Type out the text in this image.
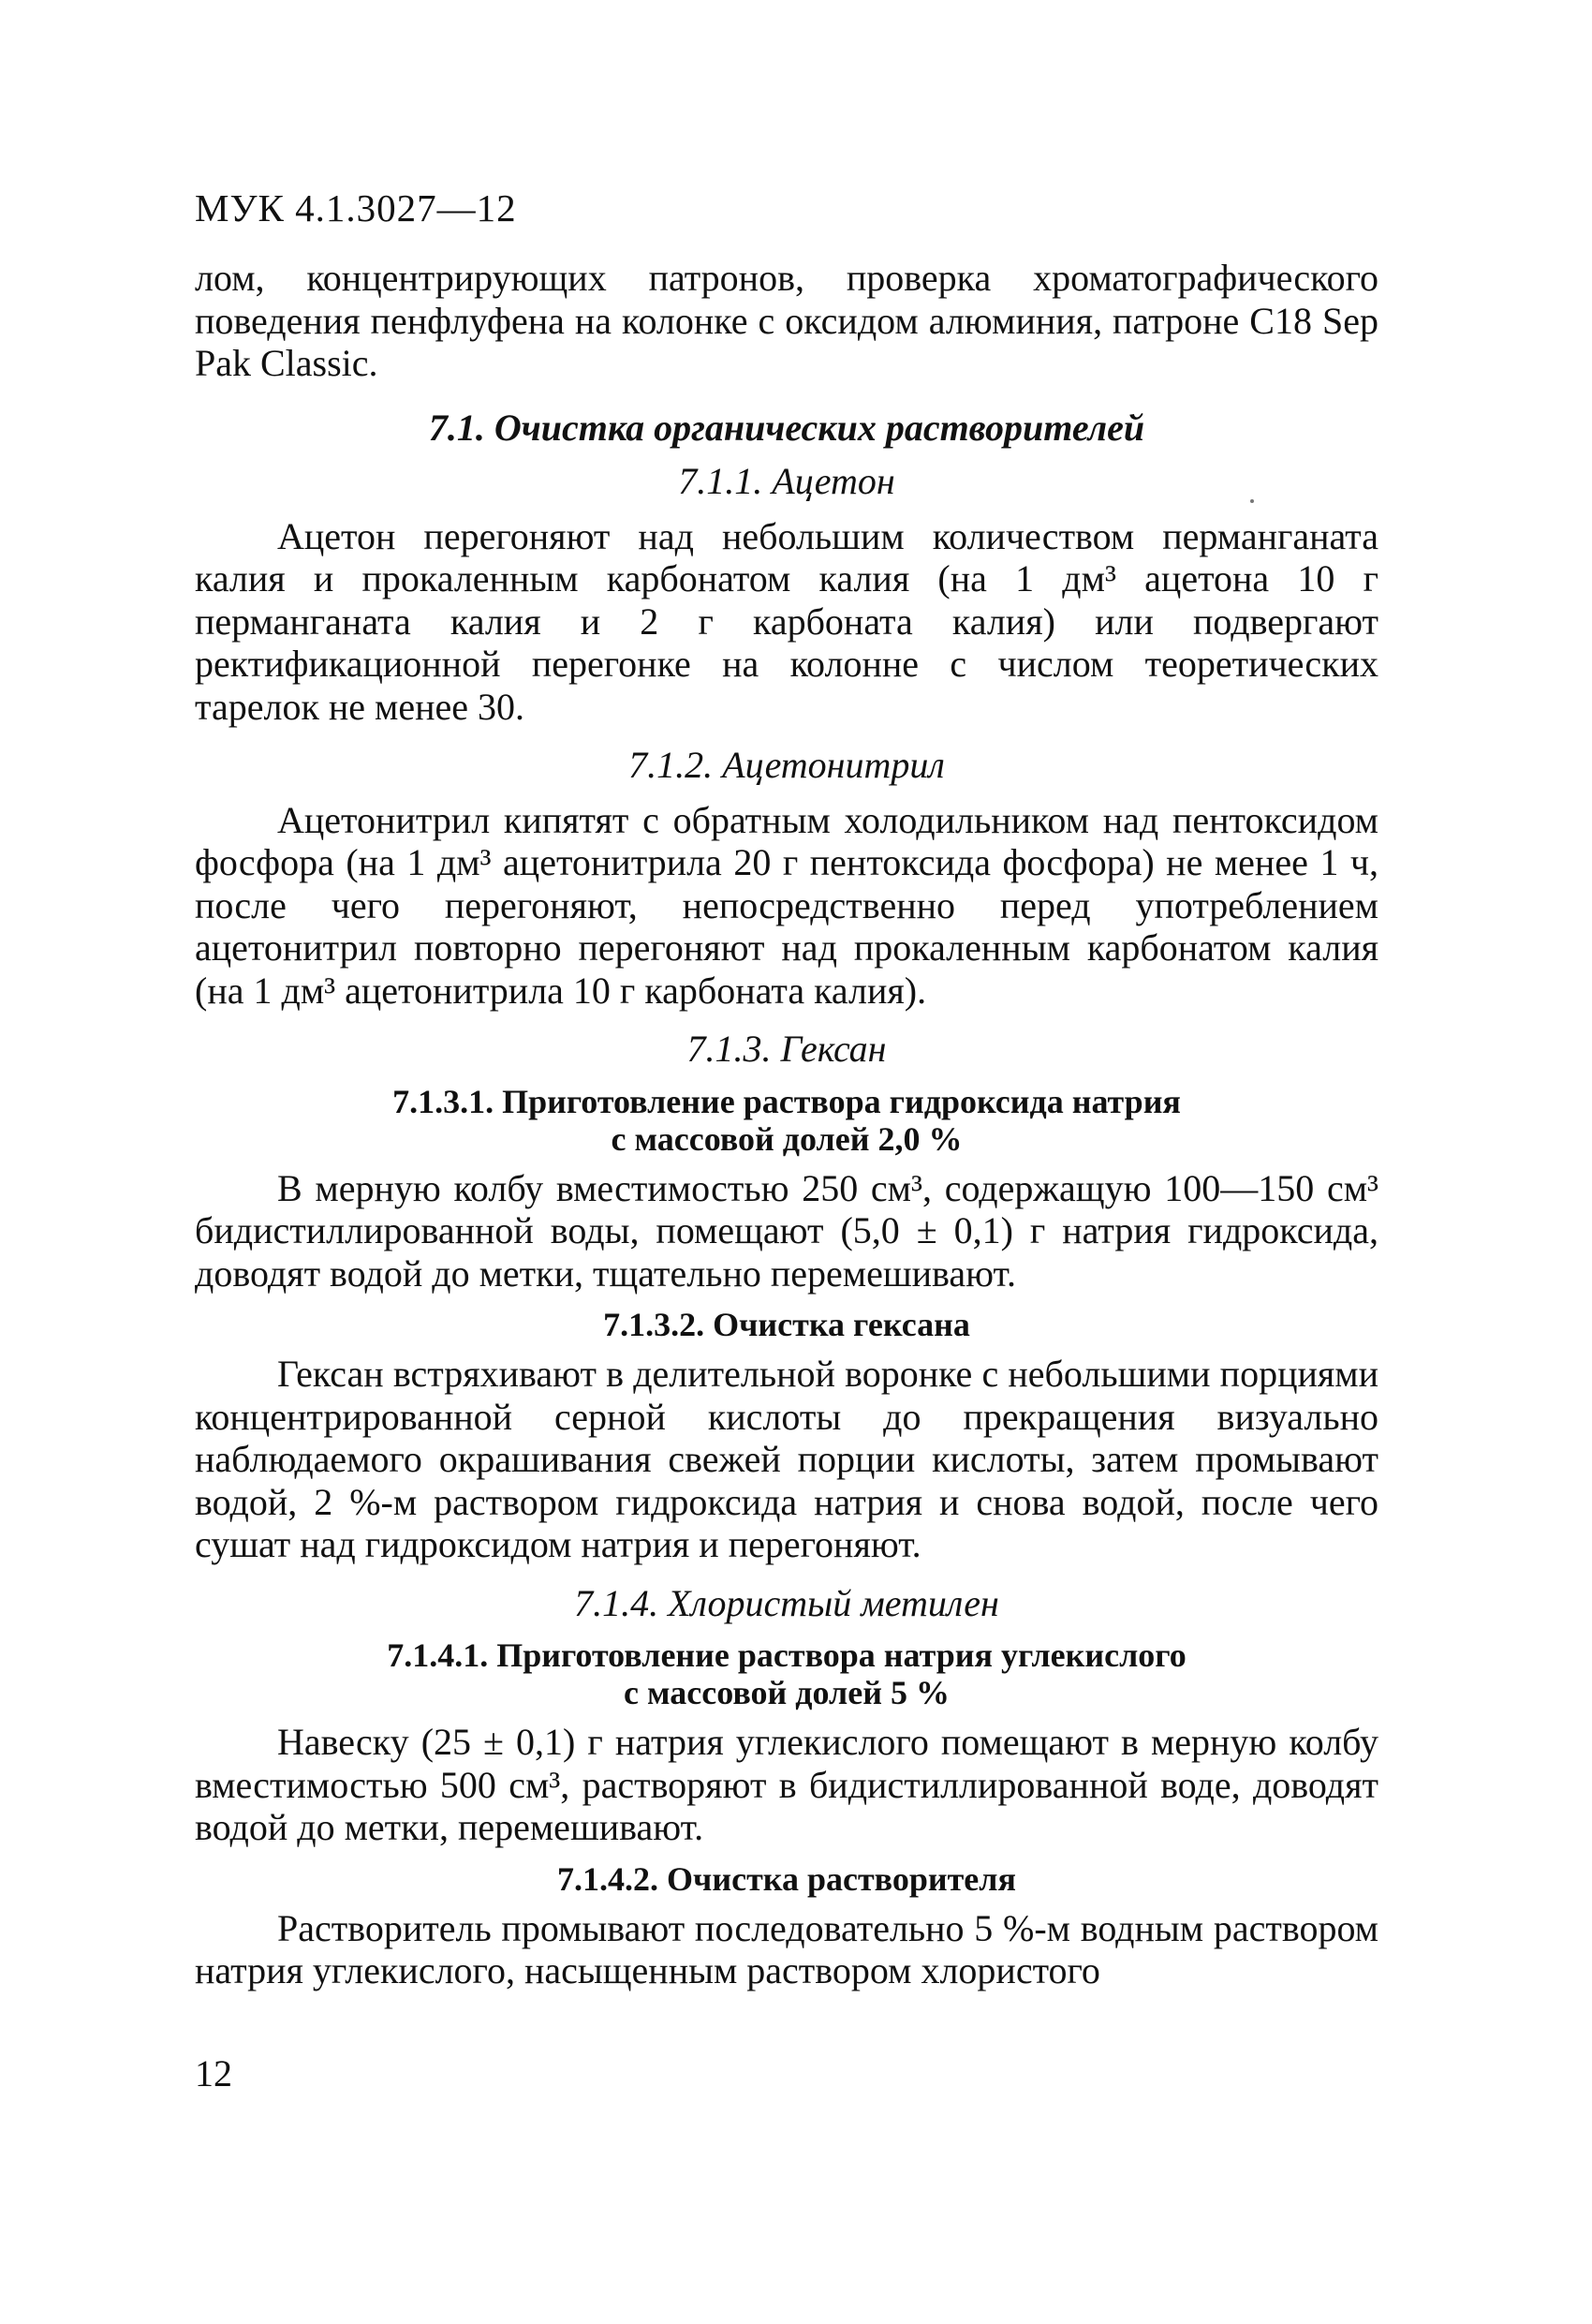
МУК 4.1.3027—12

лом, концентрирующих патронов, проверка хроматографического поведения пенфлуфена на колонке с оксидом алюминия, патроне С18 Sep Pak Classic.

7.1. Очистка органических растворителей

7.1.1. Ацетон

Ацетон перегоняют над небольшим количеством перманганата калия и прокаленным карбонатом калия (на 1 дм³ ацетона 10 г перманганата калия и 2 г карбоната калия) или подвергают ректификационной перегонке на колонне с числом теоретических тарелок не менее 30.

7.1.2. Ацетонитрил

Ацетонитрил кипятят с обратным холодильником над пентоксидом фосфора (на 1 дм³ ацетонитрила 20 г пентоксида фосфора) не менее 1 ч, после чего перегоняют, непосредственно перед употреблением ацетонитрил повторно перегоняют над прокаленным карбонатом калия (на 1 дм³ ацетонитрила 10 г карбоната калия).

7.1.3. Гексан

7.1.3.1. Приготовление раствора гидроксида натрия
с массовой долей 2,0 %

В мерную колбу вместимостью 250 см³, содержащую 100—150 см³ бидистиллированной воды, помещают (5,0 ± 0,1) г натрия гидроксида, доводят водой до метки, тщательно перемешивают.

7.1.3.2. Очистка гексана

Гексан встряхивают в делительной воронке с небольшими порциями концентрированной серной кислоты до прекращения визуально наблюдаемого окрашивания свежей порции кислоты, затем промывают водой, 2 %-м раствором гидроксида натрия и снова водой, после чего сушат над гидроксидом натрия и перегоняют.

7.1.4. Хлористый метилен

7.1.4.1. Приготовление раствора натрия углекислого
с массовой долей 5 %

Навеску (25 ± 0,1) г натрия углекислого помещают в мерную колбу вместимостью 500 см³, растворяют в бидистиллированной воде, доводят водой до метки, перемешивают.

7.1.4.2. Очистка растворителя

Растворитель промывают последовательно 5 %-м водным раствором натрия углекислого, насыщенным раствором хлористого

12
